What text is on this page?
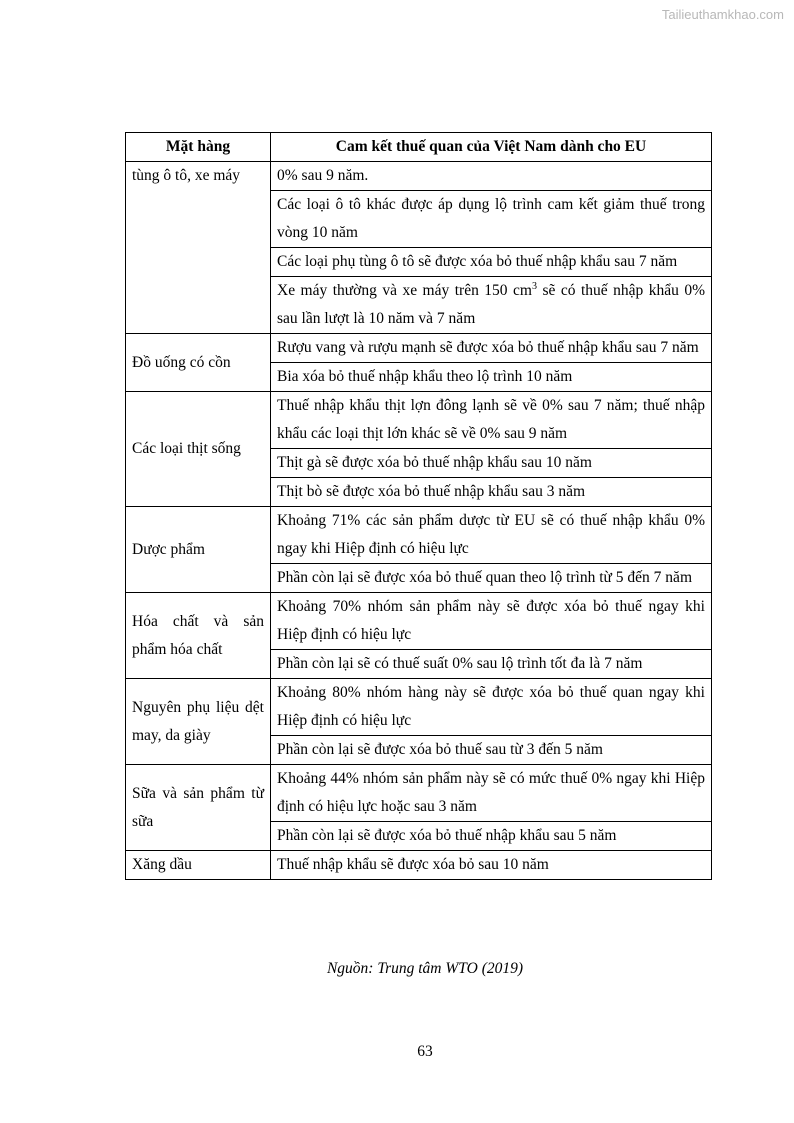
Tailieuthamkhao.com
Mặt hàng	Cam kết thuế quan của Việt Nam dành cho EU
tùng ô tô, xe máy	0% sau 9 năm.
	Các loại ô tô khác được áp dụng lộ trình cam kết giảm thuế trong vòng 10 năm
	Các loại phụ tùng ô tô sẽ được xóa bỏ thuế nhập khẩu sau 7 năm
	Xe máy thường và xe máy trên 150 $cm^3$ sẽ có thuế nhập khẩu 0% sau lần lượt là 10 năm và 7 năm
Đồ uống có cồn	Rượu vang và rượu mạnh sẽ được xóa bỏ thuế nhập khẩu sau 7 năm
	Bia xóa bỏ thuế nhập khẩu theo lộ trình 10 năm
Các loại thịt sống	Thuế nhập khẩu thịt lợn đông lạnh sẽ về 0% sau 7 năm; thuế nhập khẩu các loại thịt lớn khác sẽ về 0% sau 9 năm
	Thịt gà sẽ được xóa bỏ thuế nhập khẩu sau 10 năm
	Thịt bò sẽ được xóa bỏ thuế nhập khẩu sau 3 năm
Dược phẩm	Khoảng 71% các sản phẩm dược từ EU sẽ có thuế nhập khẩu 0% ngay khi Hiệp định có hiệu lực
	Phần còn lại sẽ được xóa bỏ thuế quan theo lộ trình từ 5 đến 7 năm
Hóa chất và sản phẩm hóa chất	Khoảng 70% nhóm sản phẩm này sẽ được xóa bỏ thuế ngay khi Hiệp định có hiệu lực
	Phần còn lại sẽ có thuế suất 0% sau lộ trình tốt đa là 7 năm
Nguyên phụ liệu dệt may, da giày	Khoảng 80% nhóm hàng này sẽ được xóa bỏ thuế quan ngay khi Hiệp định có hiệu lực
	Phần còn lại sẽ được xóa bỏ thuế sau từ 3 đến 5 năm
Sữa và sản phẩm từ sữa	Khoảng 44% nhóm sản phẩm này sẽ có mức thuế 0% ngay khi Hiệp định có hiệu lực hoặc sau 3 năm
	Phần còn lại sẽ được xóa bỏ thuế nhập khẩu sau 5 năm
Xăng dầu	Thuế nhập khẩu sẽ được xóa bỏ sau 10 năm
Nguồn: Trung tâm WTO (2019)
63
